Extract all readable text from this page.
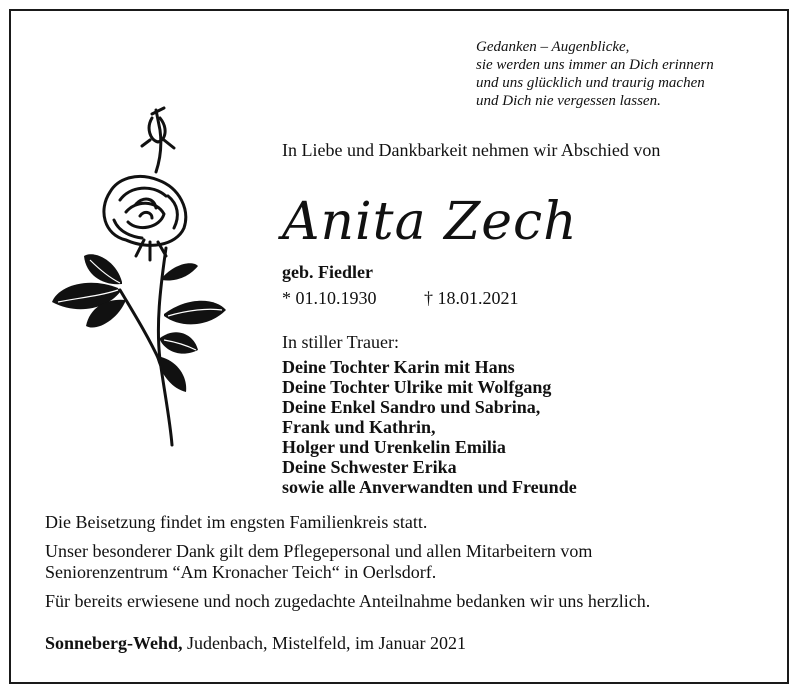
Gedanken – Augenblicke,
sie werden uns immer an Dich erinnern
und uns glücklich und traurig machen
und Dich nie vergessen lassen.
In Liebe und Dankbarkeit nehmen wir Abschied von
Anita Zech
geb. Fiedler
* 01.10.1930	† 18.01.2021
In stiller Trauer:
Deine Tochter Karin mit Hans
Deine Tochter Ulrike mit Wolfgang
Deine Enkel Sandro und Sabrina,
Frank und Kathrin,
Holger und Urenkelin Emilia
Deine Schwester Erika
sowie alle Anverwandten und Freunde
Die Beisetzung findet im engsten Familienkreis statt.
Unser besonderer Dank gilt dem Pflegepersonal und allen Mitarbeitern vom
Seniorenzentrum “Am Kronacher Teich“ in Oerlsdorf.
Für bereits erwiesene und noch zugedachte Anteilnahme bedanken wir uns herzlich.
Sonneberg-Wehd, Judenbach, Mistelfeld, im Januar 2021
